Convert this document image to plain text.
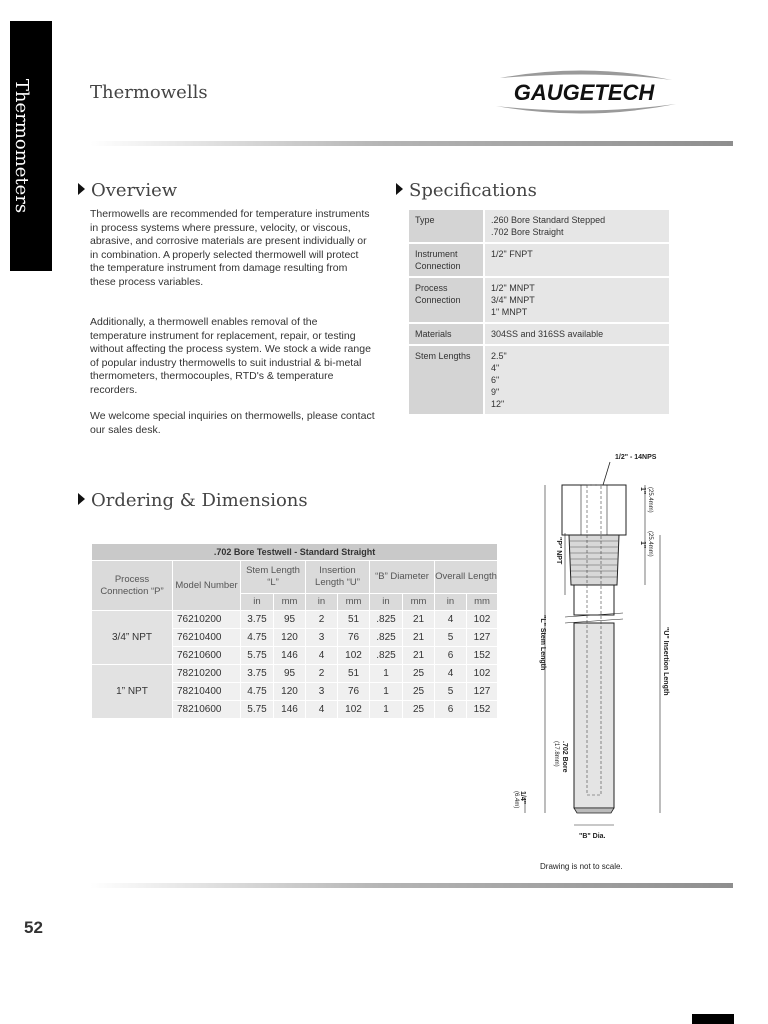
Thermometers	Thermowells	GAUGETECH
Overview
Thermowells are recommended for temperature instruments in process systems where pressure, velocity, or viscous, abrasive, and corrosive materials are present individually or in combination. A properly selected thermowell will protect the temperature instrument from damage resulting from these process variables.
Additionally, a thermowell enables removal of the temperature instrument for replacement, repair, or testing without affecting the process system. We stock a wide range of popular industry thermowells to suit industrial & bi-metal thermometers, thermocouples, RTD's & temperature recorders.
We welcome special inquiries on thermowells, please contact our sales desk.
Specifications
Type	.260 Bore Standard Stepped
.702 Bore Straight

Instrument Connection	1/2" FNPT

Process Connection	1/2" MNPT
3/4" MNPT
1" MNPT

Materials	304SS and 316SS available

Stem Lengths	2.5"
4"
6"
9"
12"
Ordering & Dimensions
.702 Bore Testwell - Standard Straight									
Process Connection “P”	Model Number	Stem Length “L”		Insertion Length “U”		“B” Diameter		Overall Length	
		in	mm	in	mm	in	mm	in	mm
3/4” NPT	76210200	3.75	95	2	51	.825	21	4	102
	76210400	4.75	120	3	76	.825	21	5	127
	76210600	5.75	146	4	102	.825	21	6	152
1” NPT	78210200	3.75	95	2	51	1	25	4	102
	78210400	4.75	120	3	76	1	25	5	127
	78210600	5.75	146	4	102	1	25	6	152
1/2" - 14NPS
1" (25.4mm)
1" (25.4mm)
"P" NPT
"L" Stem Length	"U" Insertion Length
.702 Bore
(17.8mm)
1/4"
(6.4m)
"B" Dia.
Drawing is not to scale.
52
